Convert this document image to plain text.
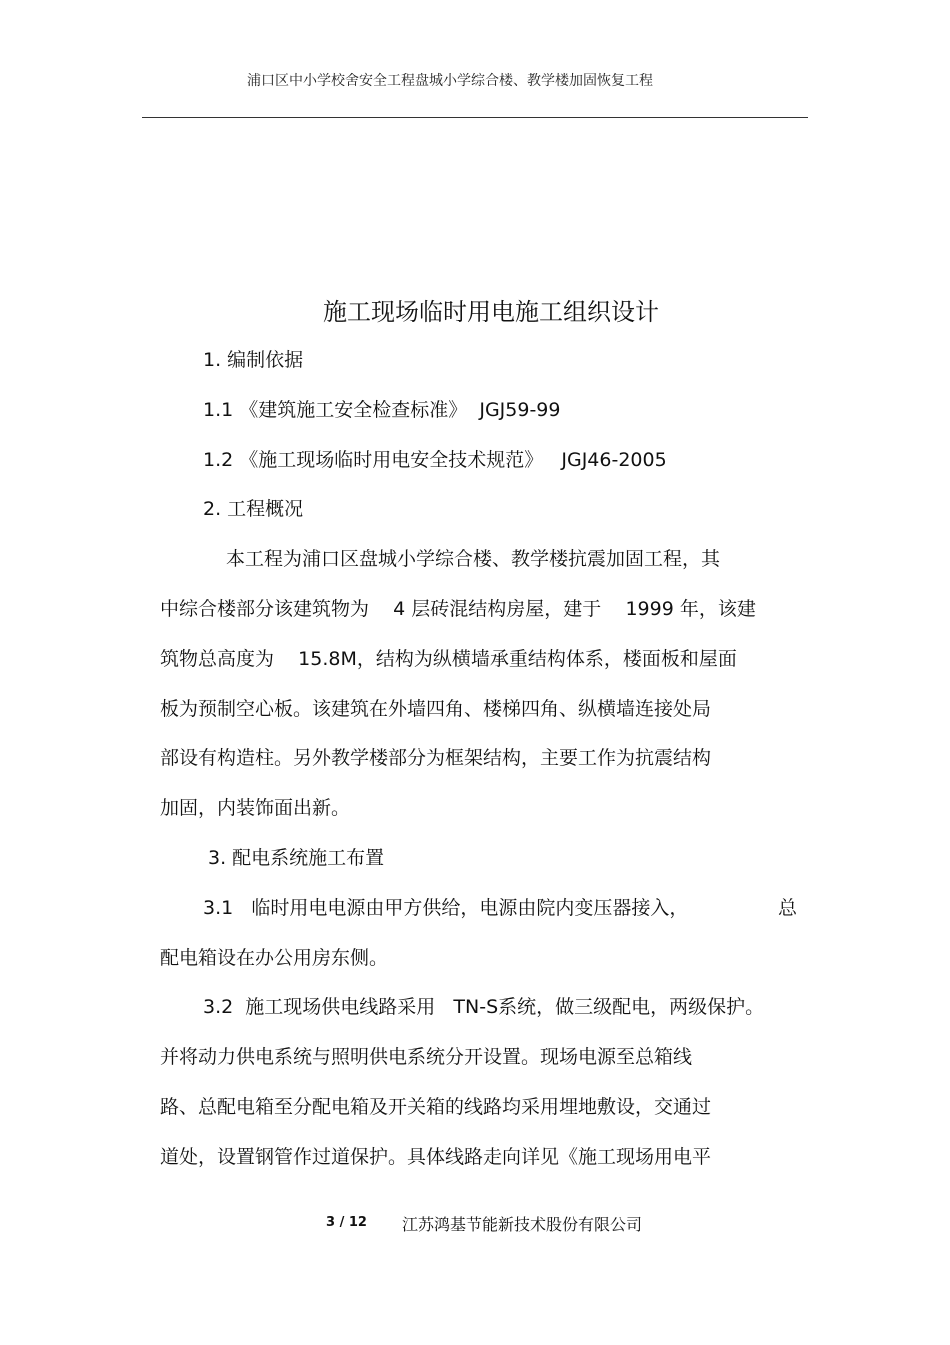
浦口区中小学校舍安全工程盘城小学综合楼、教学楼加固恢复工程
施工现场临时用电施工组织设计
1. 编制依据
1.1 《建筑施工安全检查标准》  JGJ59-99
1.2 《施工现场临时用电安全技术规范》   JGJ46-2005
2. 工程概况
本工程为浦口区盘城小学综合楼、教学楼抗震加固工程，其
中综合楼部分该建筑物为    4 层砖混结构房屋，建于    1999 年，该建
筑物总高度为    15.8M，结构为纵横墙承重结构体系，楼面板和屋面
板为预制空心板。该建筑在外墙四角、楼梯四角、纵横墙连接处局
部设有构造柱。另外教学楼部分为框架结构，主要工作为抗震结构
加固，内装饰面出新。
3. 配电系统施工布置
3.1   临时用电电源由甲方供给，电源由院内变压器接入，	总
配电箱设在办公用房东侧。
3.2  施工现场供电线路采用   TN-S系统，做三级配电，两级保护。
并将动力供电系统与照明供电系统分开设置。现场电源至总箱线
路、总配电箱至分配电箱及开关箱的线路均采用埋地敷设，交通过
道处，设置钢管作过道保护。具体线路走向详见《施工现场用电平
3 / 12 江苏鸿基节能新技术股份有限公司
